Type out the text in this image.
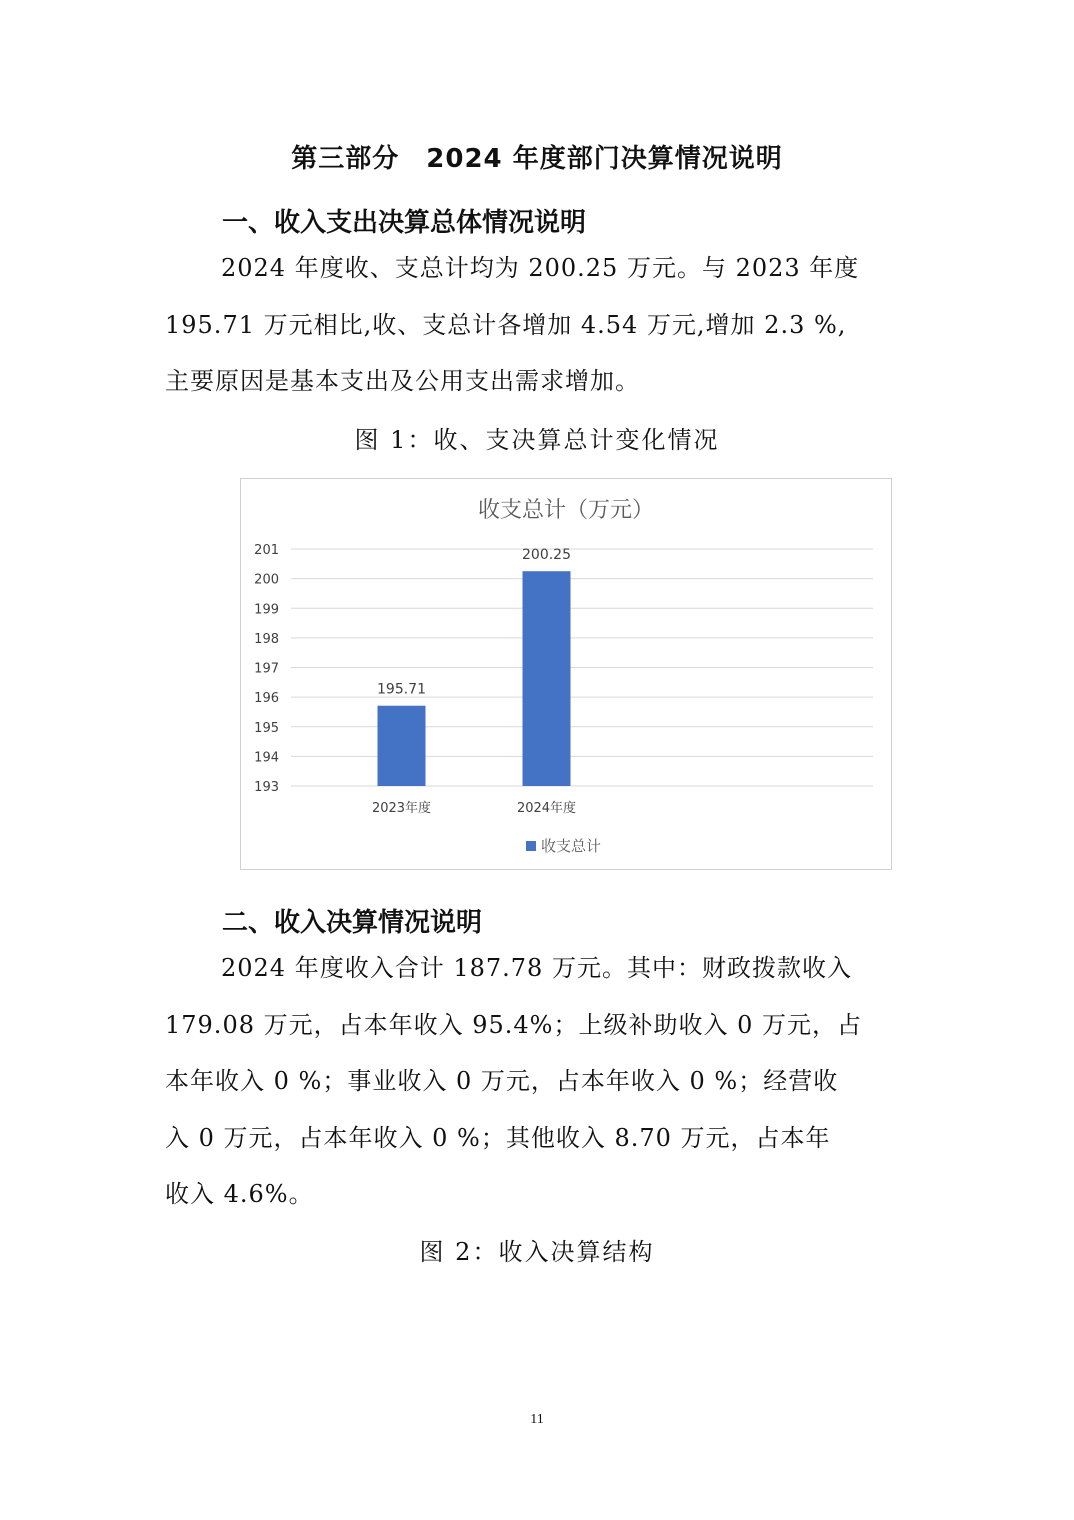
第三部分　2024 年度部门决算情况说明
一、收入支出决算总体情况说明
2024 年度收、支总计均为 200.25 万元。与 2023 年度
195.71 万元相比,收、支总计各增加 4.54 万元,增加 2.3 %,
主要原因是基本支出及公用支出需求增加。
图 1：收、支决算总计变化情况
收支总计（万元）
193
194
195
196
197
198
199
200
201
195.71
200.25
2023年度	2024年度
收支总计
二、收入决算情况说明
2024 年度收入合计 187.78 万元。其中：财政拨款收入
179.08 万元，占本年收入 95.4%；上级补助收入 0 万元，占
本年收入 0 %；事业收入 0 万元，占本年收入 0 %；经营收
入 0 万元，占本年收入 0 %；其他收入 8.70 万元，占本年
收入 4.6%。
图 2：收入决算结构
11
